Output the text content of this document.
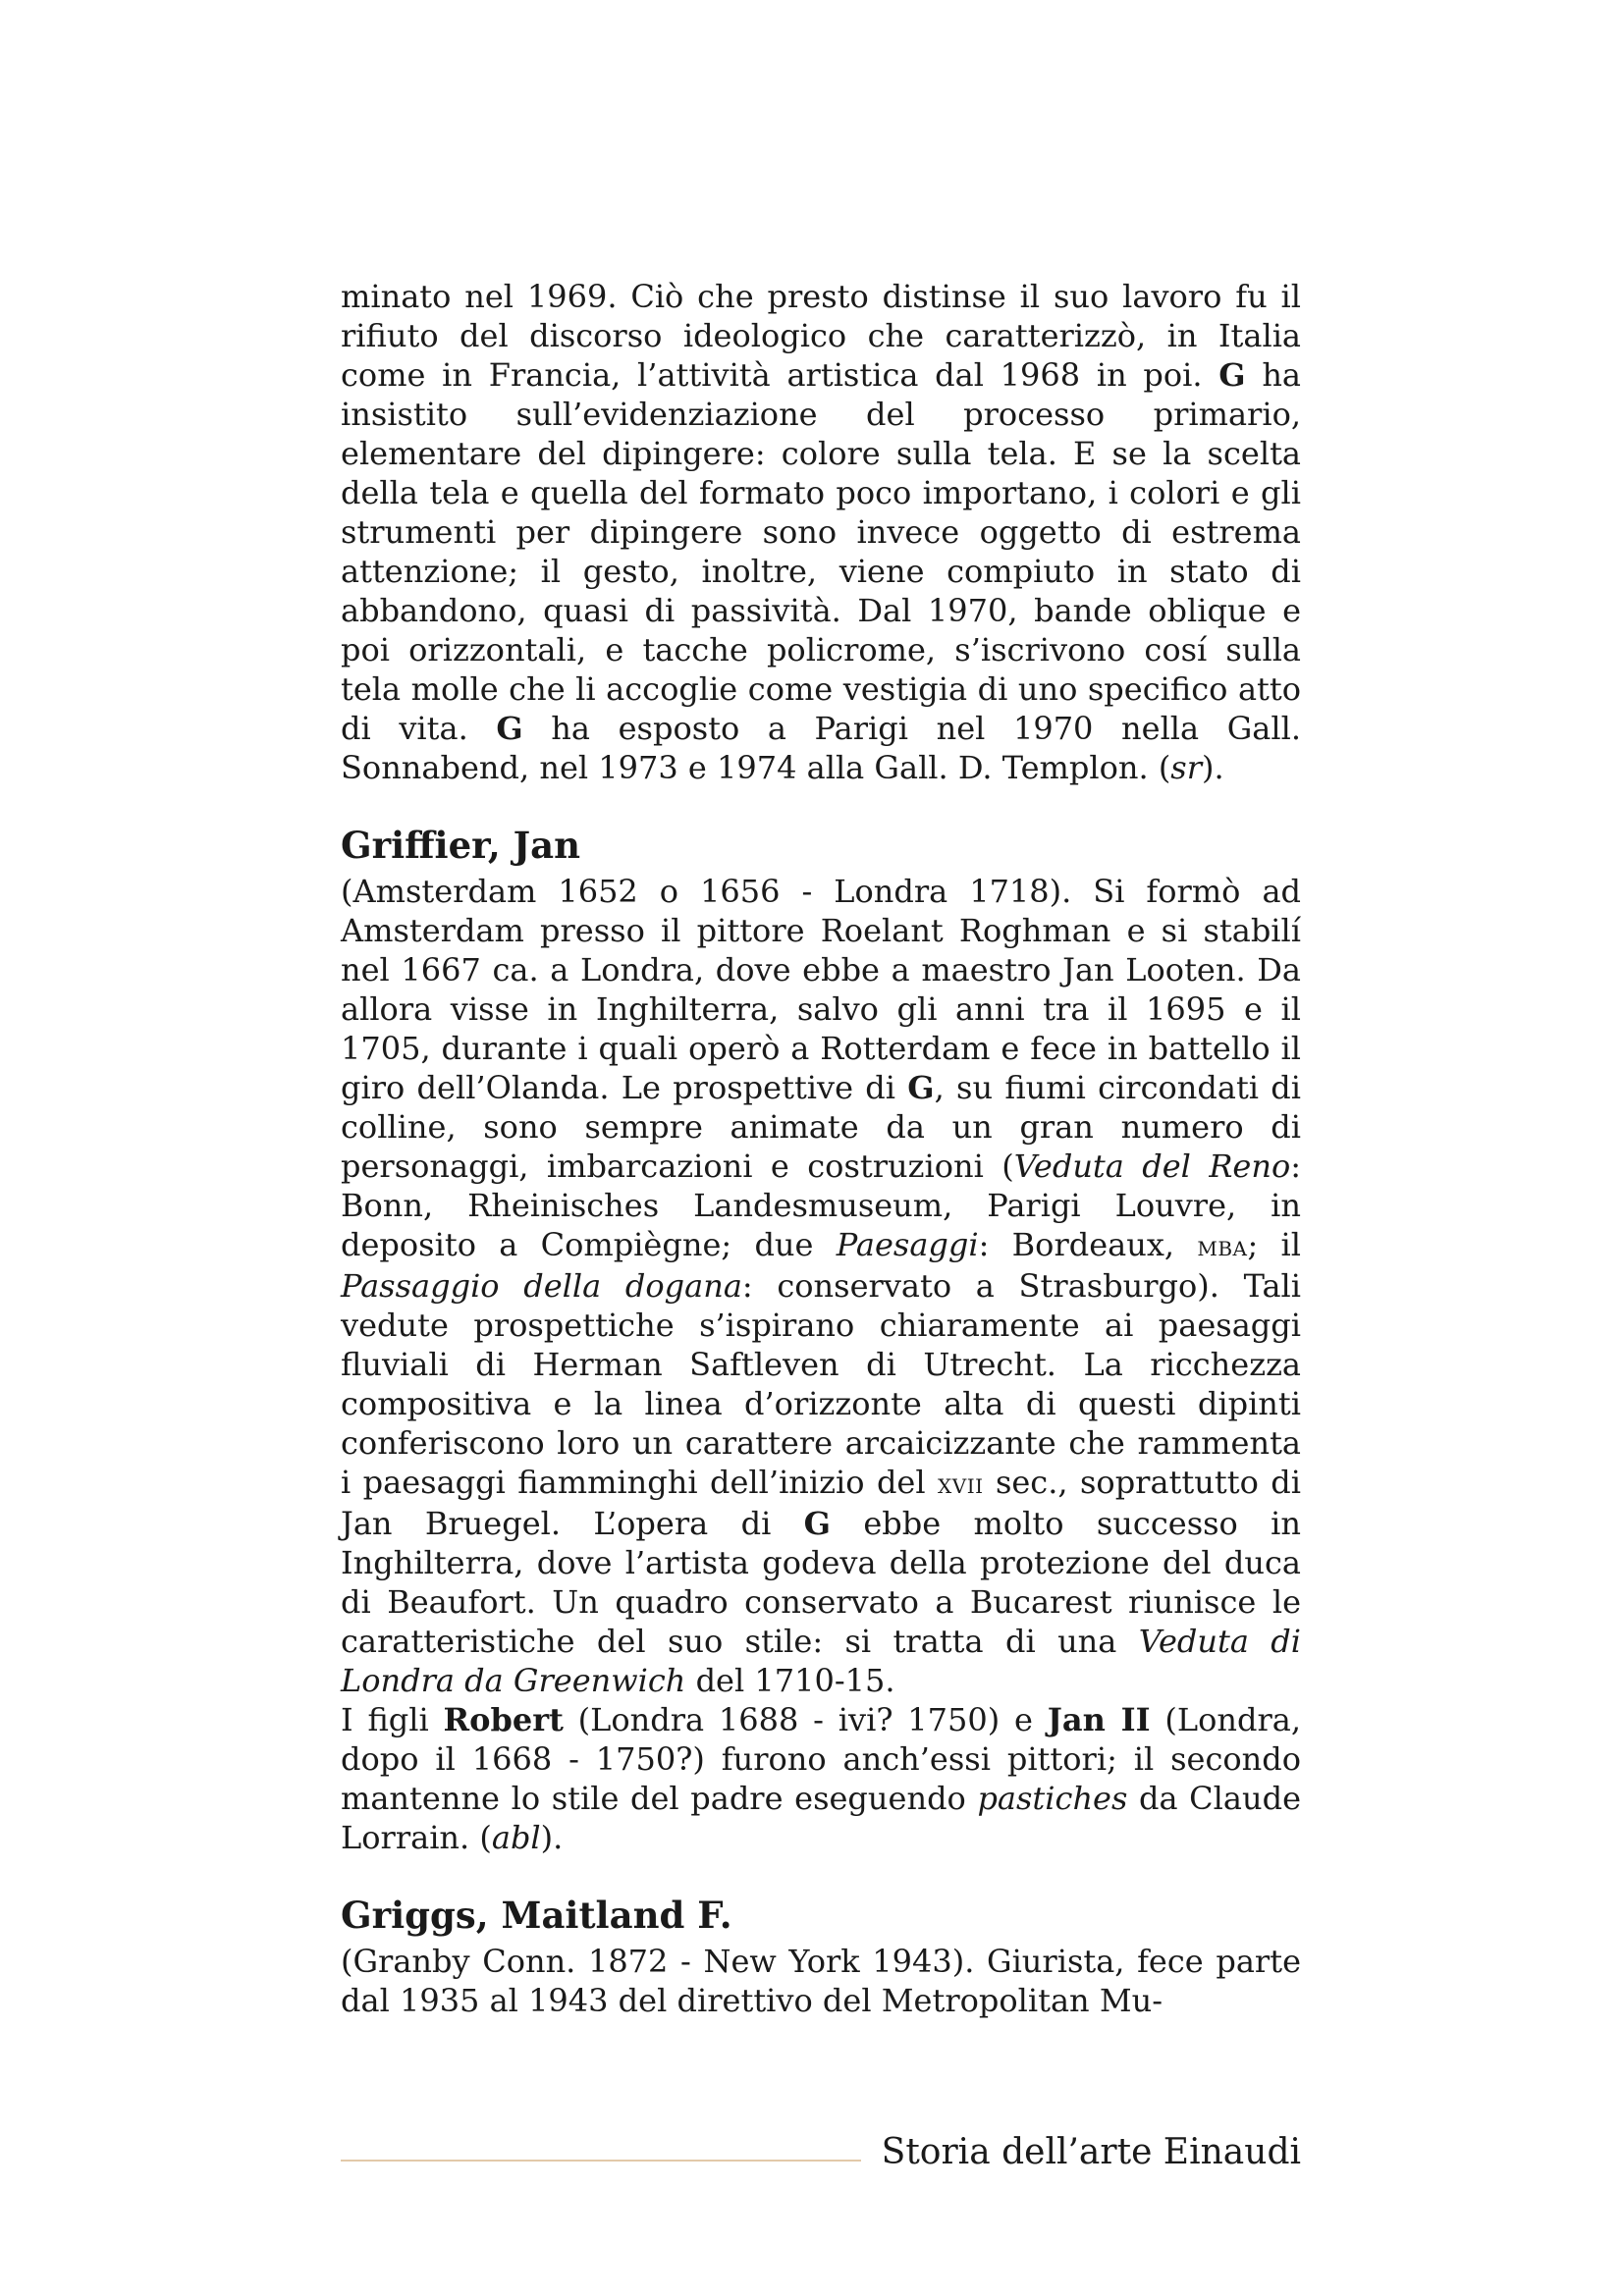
minato nel 1969. Ciò che presto distinse il suo lavoro fu il rifiuto del discorso ideologico che caratterizzò, in Italia come in Francia, l’attività artistica dal 1968 in poi. G ha insistito sull’evidenziazione del processo primario, elementare del dipingere: colore sulla tela. E se la scelta della tela e quella del formato poco importano, i colori e gli strumenti per dipingere sono invece oggetto di estrema attenzione; il gesto, inoltre, viene compiuto in stato di abbandono, quasi di passività. Dal 1970, bande oblique e poi orizzontali, e tacche policrome, s’iscrivono cosí sulla tela molle che li accoglie come vestigia di uno specifico atto di vita. G ha esposto a Parigi nel 1970 nella Gall. Sonnabend, nel 1973 e 1974 alla Gall. D. Templon. (sr).

Griffier, Jan

(Amsterdam 1652 o 1656 - Londra 1718). Si formò ad Amsterdam presso il pittore Roelant Roghman e si stabilí nel 1667 ca. a Londra, dove ebbe a maestro Jan Looten. Da allora visse in Inghilterra, salvo gli anni tra il 1695 e il 1705, durante i quali operò a Rotterdam e fece in battello il giro dell’Olanda. Le prospettive di G, su fiumi circondati di colline, sono sempre animate da un gran numero di personaggi, imbarcazioni e costruzioni (Veduta del Reno: Bonn, Rheinisches Landesmuseum, Parigi Louvre, in deposito a Compiègne; due Paesaggi: Bordeaux, mba; il Passaggio della dogana: conservato a Strasburgo). Tali vedute prospettiche s’ispirano chiaramente ai paesaggi fluviali di Herman Saftleven di Utrecht. La ricchezza compositiva e la linea d’orizzonte alta di questi dipinti conferiscono loro un carattere arcaicizzante che rammenta i paesaggi fiamminghi dell’inizio del xvii sec., soprattutto di Jan Bruegel. L’opera di G ebbe molto successo in Inghilterra, dove l’artista godeva della protezione del duca di Beaufort. Un quadro conservato a Bucarest riunisce le caratteristiche del suo stile: si tratta di una Veduta di Londra da Greenwich del 1710-15.

I figli Robert (Londra 1688 - ivi? 1750) e Jan II (Londra, dopo il 1668 - 1750?) furono anch’essi pittori; il secondo mantenne lo stile del padre eseguendo pastiches da Claude Lorrain. (abl).

Griggs, Maitland F.

(Granby Conn. 1872 - New York 1943). Giurista, fece parte dal 1935 al 1943 del direttivo del Metropolitan Mu-

Storia dell’arte Einaudi
